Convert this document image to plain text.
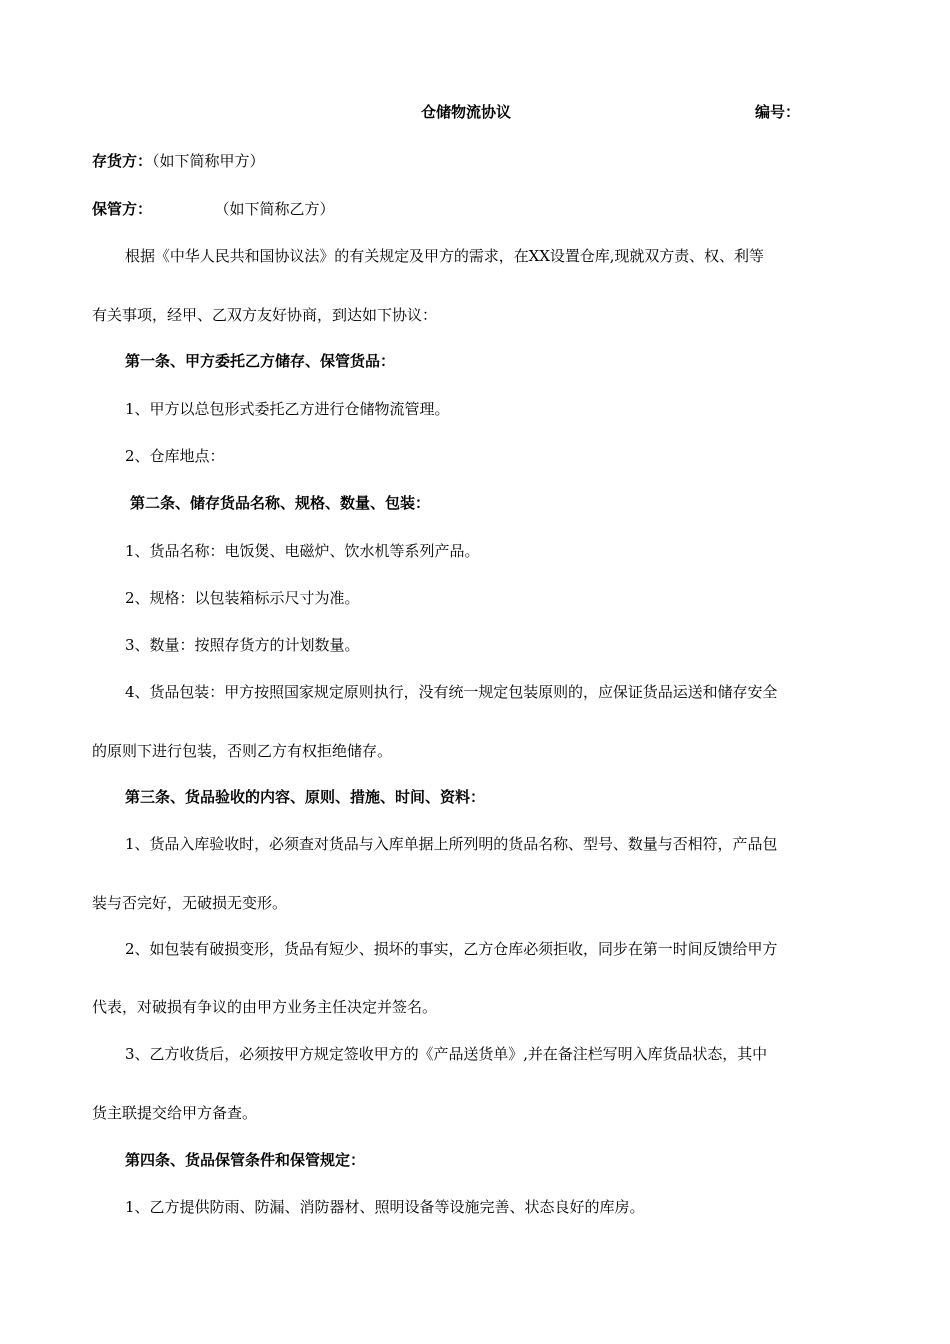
仓储物流协议	编号：
存货方：（如下简称甲方）
保管方：	（如下简称乙方）
根据《中华人民共和国协议法》的有关规定及甲方的需求，在XX设置仓库,现就双方责、权、利等
有关事项，经甲、乙双方友好协商，到达如下协议：
第一条、甲方委托乙方储存、保管货品：
1、甲方以总包形式委托乙方进行仓储物流管理。
2、仓库地点：
第二条、储存货品名称、规格、数量、包装：
1、货品名称：电饭煲、电磁炉、饮水机等系列产品。
2、规格：以包装箱标示尺寸为准。
3、数量：按照存货方的计划数量。
4、货品包装：甲方按照国家规定原则执行，没有统一规定包装原则的，应保证货品运送和储存安全
的原则下进行包装，否则乙方有权拒绝储存。
第三条、货品验收的内容、原则、措施、时间、资料：
1、货品入库验收时，必须查对货品与入库单据上所列明的货品名称、型号、数量与否相符，产品包
装与否完好，无破损无变形。
2、如包装有破损变形，货品有短少、损坏的事实，乙方仓库必须拒收，同步在第一时间反馈给甲方
代表，对破损有争议的由甲方业务主任决定并签名。
3、乙方收货后，必须按甲方规定签收甲方的《产品送货单》,并在备注栏写明入库货品状态，其中
货主联提交给甲方备查。
第四条、货品保管条件和保管规定：
1、乙方提供防雨、防漏、消防器材、照明设备等设施完善、状态良好的库房。
